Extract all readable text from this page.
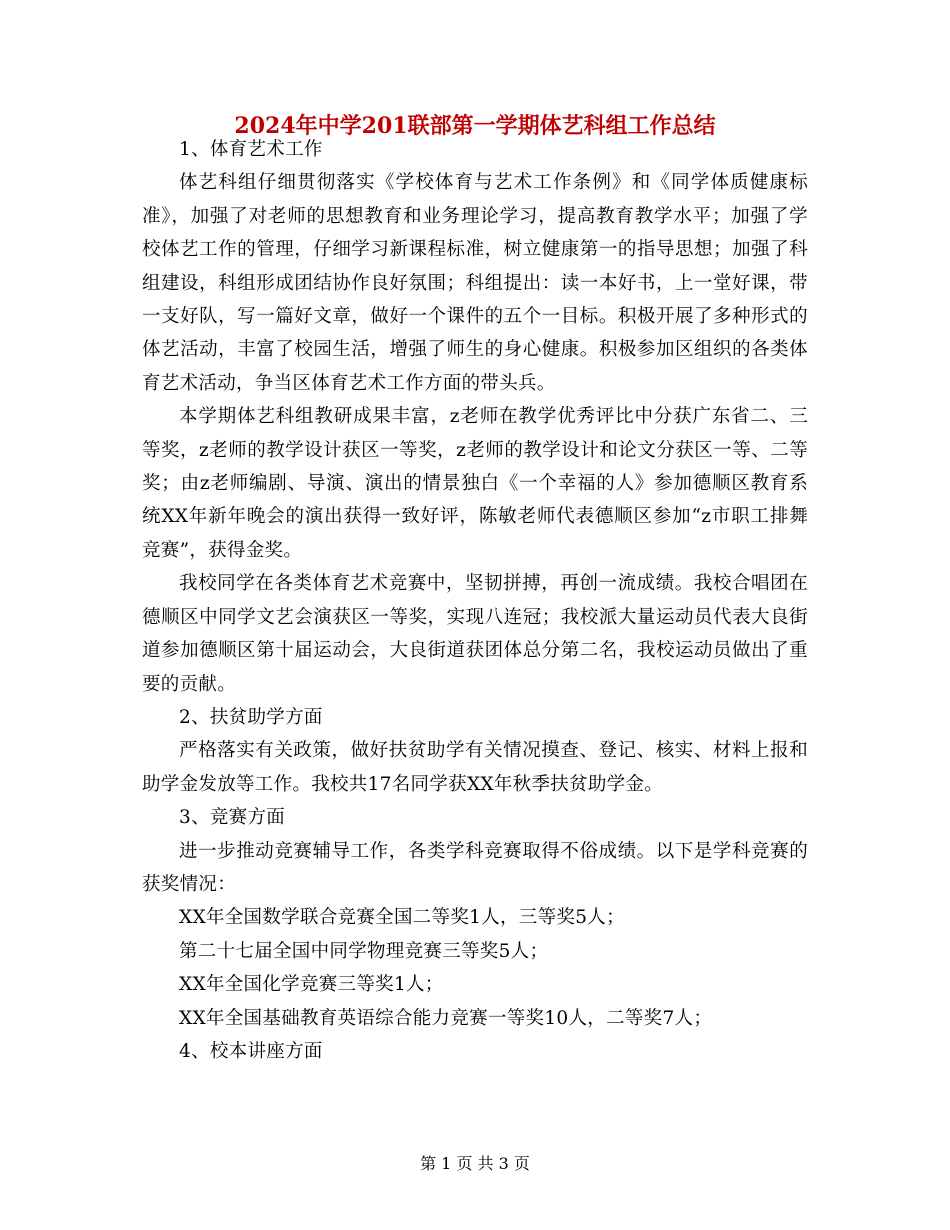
2024年中学201联部第一学期体艺科组工作总结

1、体育艺术工作

体艺科组仔细贯彻落实《学校体育与艺术工作条例》和《同学体质健康标准》，加强了对老师的思想教育和业务理论学习，提高教育教学水平；加强了学校体艺工作的管理，仔细学习新课程标准，树立健康第一的指导思想；加强了科组建设，科组形成团结协作良好氛围；科组提出：读一本好书，上一堂好课，带一支好队，写一篇好文章，做好一个课件的五个一目标。积极开展了多种形式的体艺活动，丰富了校园生活，增强了师生的身心健康。积极参加区组织的各类体育艺术活动，争当区体育艺术工作方面的带头兵。

本学期体艺科组教研成果丰富，z老师在教学优秀评比中分获广东省二、三等奖，z老师的教学设计获区一等奖，z老师的教学设计和论文分获区一等、二等奖；由z老师编剧、导演、演出的情景独白《一个幸福的人》参加德顺区教育系统XX年新年晚会的演出获得一致好评，陈敏老师代表德顺区参加“z市职工排舞竞赛”，获得金奖。

我校同学在各类体育艺术竞赛中，坚韧拼搏，再创一流成绩。我校合唱团在德顺区中同学文艺会演获区一等奖，实现八连冠；我校派大量运动员代表大良街道参加德顺区第十届运动会，大良街道获团体总分第二名，我校运动员做出了重要的贡献。

2、扶贫助学方面

严格落实有关政策，做好扶贫助学有关情况摸查、登记、核实、材料上报和助学金发放等工作。我校共17名同学获XX年秋季扶贫助学金。

3、竞赛方面

进一步推动竞赛辅导工作，各类学科竞赛取得不俗成绩。以下是学科竞赛的获奖情况：

XX年全国数学联合竞赛全国二等奖1人，三等奖5人；

第二十七届全国中同学物理竞赛三等奖5人；

XX年全国化学竞赛三等奖1人；

XX年全国基础教育英语综合能力竞赛一等奖10人，二等奖7人；

4、校本讲座方面

第 1 页 共 3 页
